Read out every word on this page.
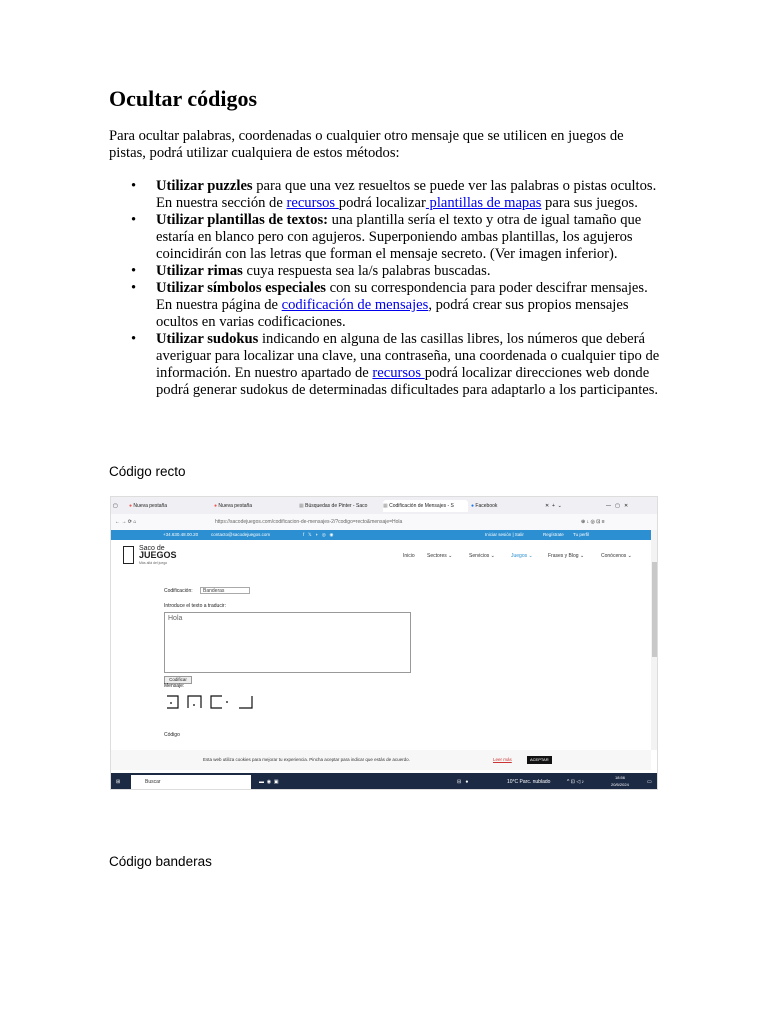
Ocultar códigos

Para ocultar palabras, coordenadas o cualquier otro mensaje que se utilicen en juegos de pistas, podrá utilizar cualquiera de estos métodos:

• Utilizar puzzles para que una vez resueltos se puede ver las palabras o pistas ocultos. En nuestra sección de recursos podrá localizar plantillas de mapas para sus juegos.
• Utilizar plantillas de textos: una plantilla sería el texto y otra de igual tamaño que estaría en blanco pero con agujeros. Superponiendo ambas plantillas, los agujeros coincidirán con las letras que forman el mensaje secreto. (Ver imagen inferior).
• Utilizar rimas cuya respuesta sea la/s palabras buscadas.
• Utilizar símbolos especiales con su correspondencia para poder descifrar mensajes. En nuestra página de codificación de mensajes, podrá crear sus propios mensajes ocultos en varias codificaciones.
• Utilizar sudokus indicando en alguna de las casillas libres, los números que deberá averiguar para localizar una clave, una contraseña, una coordenada o cualquier tipo de información. En nuestro apartado de recursos podrá localizar direcciones web donde podrá generar sudokus de determinadas dificultades para adaptarlo a los participantes.
Código recto
▢	● Nueva pestaña	● Nueva pestaña	▦ Búsquedas de Pinter - Saco	▦ Codificación de Mensajes - S	● Facebook	✕  +  ⌄	—   ▢   ✕
← → ⟳ ⌂	https://sacodejuegos.com/codificacion-de-mensajes-2/?codigo=recto&mensaje=Hola	⊕ ↓ ◎ ⊡ ≡
+34.630.48.00.20	contacto@sacodejuegos.com	f   𝕏   ◗   ◎   ◉	Iniciar sesión | Salir	Regístrate Tu perfil
Saco de
JUEGOS
Más allá del juego
Inicio Sectores ⌄	Servicios ⌄	Juegos ⌄	Frases y Blog ⌄	Conócenos ⌄
Codificación:	Banderas
Introduce el texto a traducir:
Hola
Codificar
Mensaje:
Código
Esta web utiliza cookies para mejorar tu experiencia. Pincha aceptar para indicar que estás de acuerdo.	Leer más	ACEPTAR
⊞	Buscar	▬  ◉  ▣	⊟   ●	10°C Parc. nublado	^ ⊡ ◁ ♪
18:56
20/5/2024	▭
Código banderas
